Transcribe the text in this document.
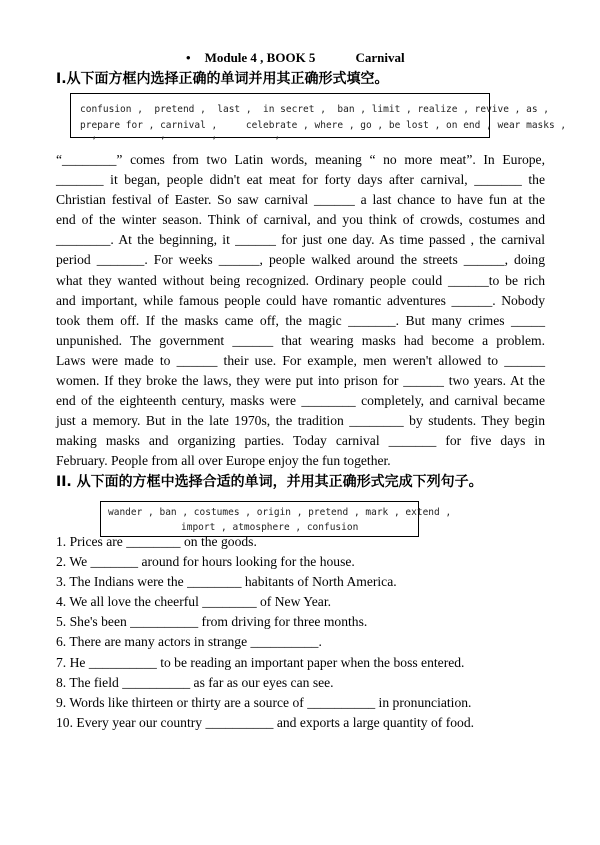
• Module 4 , BOOK 5	Carnival
I.从下面方框内选择正确的单词并用其正确形式填空。
confusion ,  pretend ,  last ,  in secret ,  ban , limit , realize , revive , as ,
prepare for , carnival ,     celebrate , where , go , be lost , on end , wear masks ,
,           ,        ,          ,
“________” comes from two Latin words, meaning “ no more meat”. In Europe,
_______ it began, people didn't eat meat for forty days after carnival, _______ the
Christian festival of Easter. So saw carnival ______ a last chance to have fun at the
end of the winter season. Think of carnival, and you think of crowds, costumes and
________. At the beginning, it ______ for just one day. As time passed , the carnival
period _______. For weeks ______, people walked around the streets ______, doing
what they wanted without being recognized. Ordinary people could ______to be rich
and important, while famous people could have romantic adventures ______. Nobody
took them off. If the masks came off, the magic _______. But many crimes _____
unpunished. The government ______ that wearing masks had become a problem.
Laws were made to ______ their use. For example, men weren't allowed to ______
women. If they broke the laws, they were put into prison for ______ two years. At the
end of the eighteenth century, masks were ________ completely, and carnival became
just a memory. But in the late 1970s, the tradition ________ by students. They begin
making masks and organizing parties. Today carnival _______ for five days in
February. People from all over Europe enjoy the fun together.
II. 从下面的方框中选择合适的单词，并用其正确形式完成下列句子。
wander , ban , costumes , origin , pretend , mark , extend ,
import , atmosphere , confusion
1. Prices are ________ on the goods.
2. We _______ around for hours looking for the house.
3. The Indians were the ________ habitants of North America.
4. We all love the cheerful ________ of New Year.
5. She's been __________ from driving for three months.
6. There are many actors in strange __________.
7. He __________ to be reading an important paper when the boss entered.
8. The field __________ as far as our eyes can see.
9. Words like thirteen or thirty are a source of __________ in pronunciation.
10. Every year our country __________ and exports a large quantity of food.
